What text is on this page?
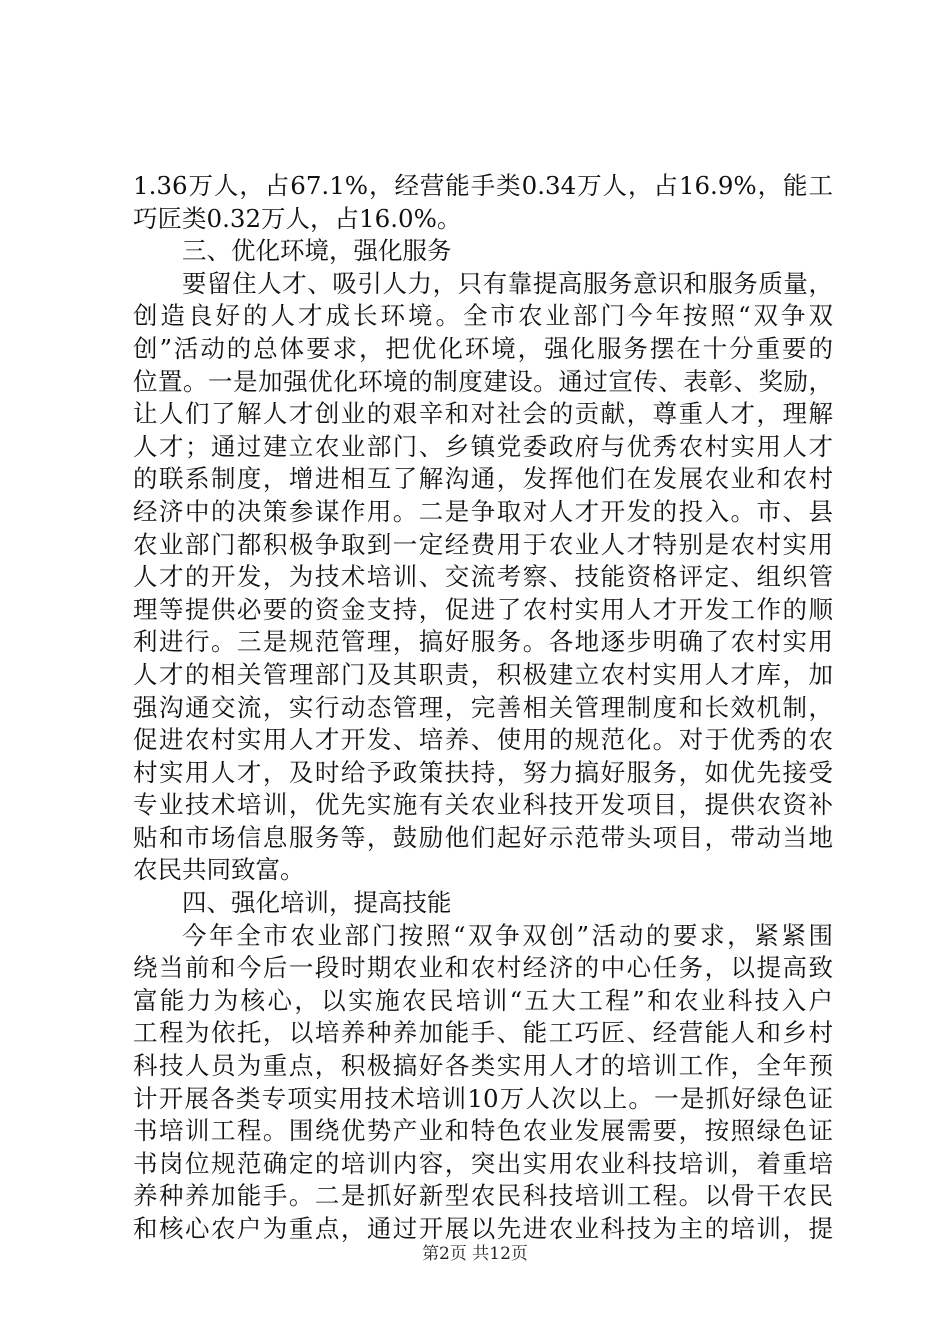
1.36万人，占67.1%，经营能手类0.34万人，占16.9%，能工
巧匠类0.32万人，占16.0%。
三、优化环境，强化服务
要留住人才、吸引人力，只有靠提高服务意识和服务质量，
创造良好的人才成长环境。全市农业部门今年按照“双争双
创”活动的总体要求，把优化环境，强化服务摆在十分重要的
位置。一是加强优化环境的制度建设。通过宣传、表彰、奖励，
让人们了解人才创业的艰辛和对社会的贡献，尊重人才，理解
人才；通过建立农业部门、乡镇党委政府与优秀农村实用人才
的联系制度，增进相互了解沟通，发挥他们在发展农业和农村
经济中的决策参谋作用。二是争取对人才开发的投入。市、县
农业部门都积极争取到一定经费用于农业人才特别是农村实用
人才的开发，为技术培训、交流考察、技能资格评定、组织管
理等提供必要的资金支持，促进了农村实用人才开发工作的顺
利进行。三是规范管理，搞好服务。各地逐步明确了农村实用
人才的相关管理部门及其职责，积极建立农村实用人才库，加
强沟通交流，实行动态管理，完善相关管理制度和长效机制，
促进农村实用人才开发、培养、使用的规范化。对于优秀的农
村实用人才，及时给予政策扶持，努力搞好服务，如优先接受
专业技术培训，优先实施有关农业科技开发项目，提供农资补
贴和市场信息服务等，鼓励他们起好示范带头项目，带动当地
农民共同致富。
四、强化培训，提高技能
今年全市农业部门按照“双争双创”活动的要求，紧紧围
绕当前和今后一段时期农业和农村经济的中心任务，以提高致
富能力为核心，以实施农民培训“五大工程”和农业科技入户
工程为依托，以培养种养加能手、能工巧匠、经营能人和乡村
科技人员为重点，积极搞好各类实用人才的培训工作，全年预
计开展各类专项实用技术培训10万人次以上。一是抓好绿色证
书培训工程。围绕优势产业和特色农业发展需要，按照绿色证
书岗位规范确定的培训内容，突出实用农业科技培训，着重培
养种养加能手。二是抓好新型农民科技培训工程。以骨干农民
和核心农户为重点，通过开展以先进农业科技为主的培训，提
第2页 共12页
